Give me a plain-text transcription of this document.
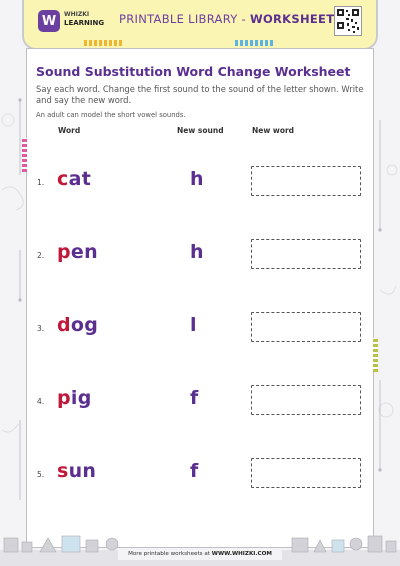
W	WHIZKI
LEARNING PRINTABLE LIBRARY - WORKSHEET
Sound Substitution Word Change Worksheet
Say each word. Change the first sound to the sound of the letter shown. Write and say the new word.
An adult can model the short vowel sounds.
Word	New sound	New word
1. cat	h
2. pen	h
3. dog	l
4. pig	f
5. sun	f
More printable worksheets at WWW.WHIZKI.COM
